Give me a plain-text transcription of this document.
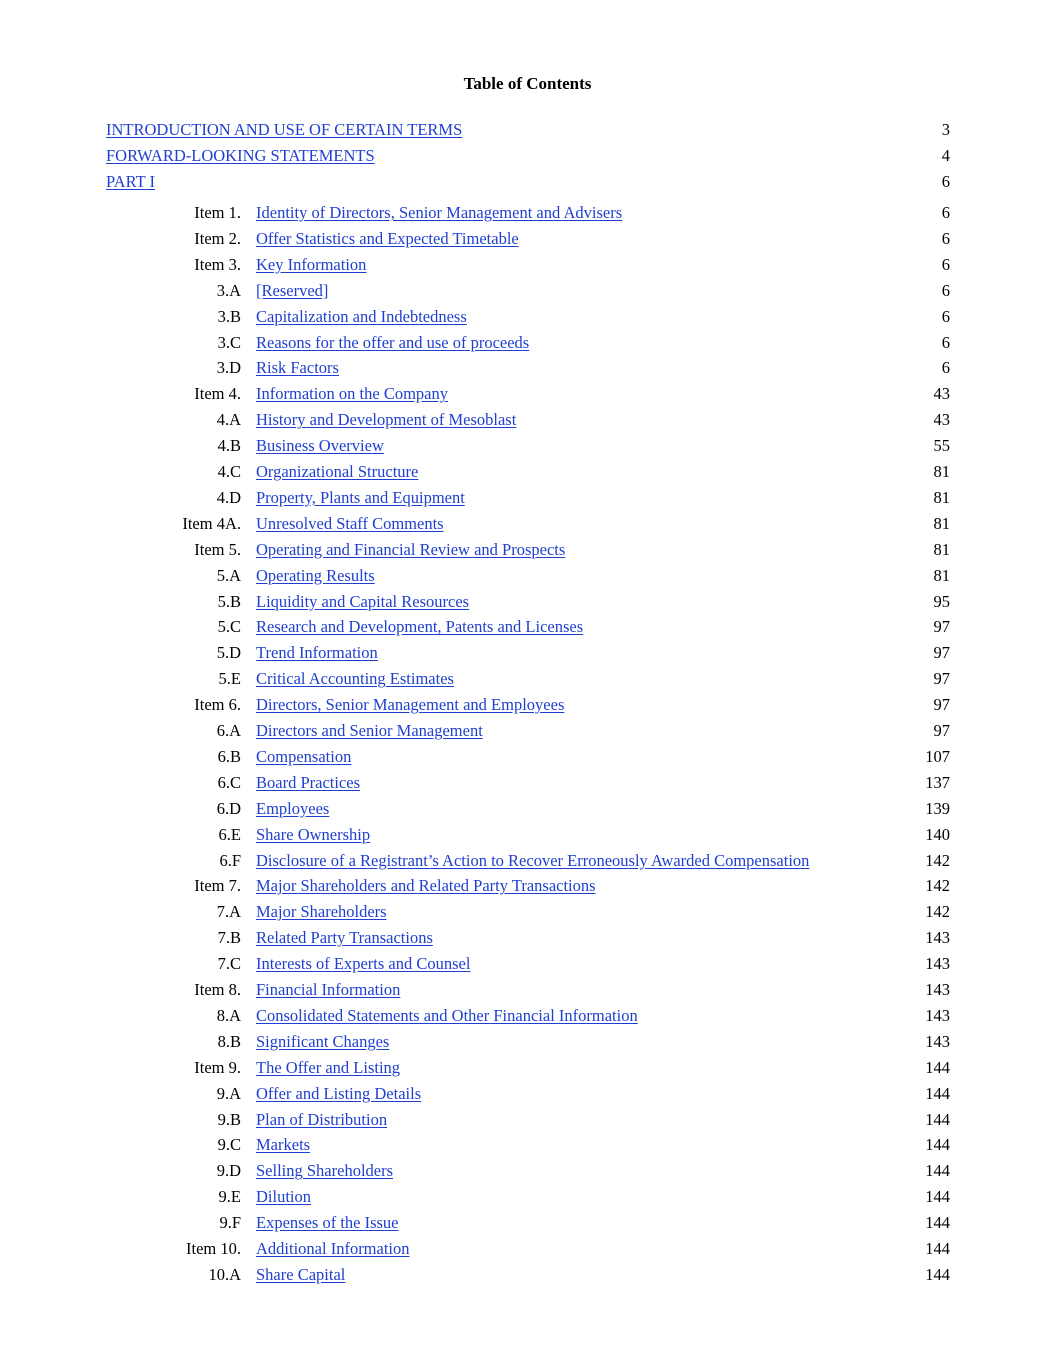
Table of Contents
INTRODUCTION AND USE OF CERTAIN TERMS	3
FORWARD-LOOKING STATEMENTS	4
PART I	6
Item 1. Identity of Directors, Senior Management and Advisers	6
Item 2. Offer Statistics and Expected Timetable	6
Item 3. Key Information	6
3.A [Reserved]	6
3.B Capitalization and Indebtedness	6
3.C Reasons for the offer and use of proceeds	6
3.D Risk Factors	6
Item 4. Information on the Company	43
4.A History and Development of Mesoblast	43
4.B Business Overview	55
4.C Organizational Structure	81
4.D Property, Plants and Equipment	81
Item 4A. Unresolved Staff Comments	81
Item 5. Operating and Financial Review and Prospects	81
5.A Operating Results	81
5.B Liquidity and Capital Resources	95
5.C Research and Development, Patents and Licenses	97
5.D Trend Information	97
5.E Critical Accounting Estimates	97
Item 6. Directors, Senior Management and Employees	97
6.A Directors and Senior Management	97
6.B Compensation	107
6.C Board Practices	137
6.D Employees	139
6.E Share Ownership	140
6.F Disclosure of a Registrant’s Action to Recover Erroneously Awarded Compensation	142
Item 7. Major Shareholders and Related Party Transactions	142
7.A Major Shareholders	142
7.B Related Party Transactions	143
7.C Interests of Experts and Counsel	143
Item 8. Financial Information	143
8.A Consolidated Statements and Other Financial Information	143
8.B Significant Changes	143
Item 9. The Offer and Listing	144
9.A Offer and Listing Details	144
9.B Plan of Distribution	144
9.C Markets	144
9.D Selling Shareholders	144
9.E Dilution	144
9.F Expenses of the Issue	144
Item 10. Additional Information	144
10.A Share Capital	144
